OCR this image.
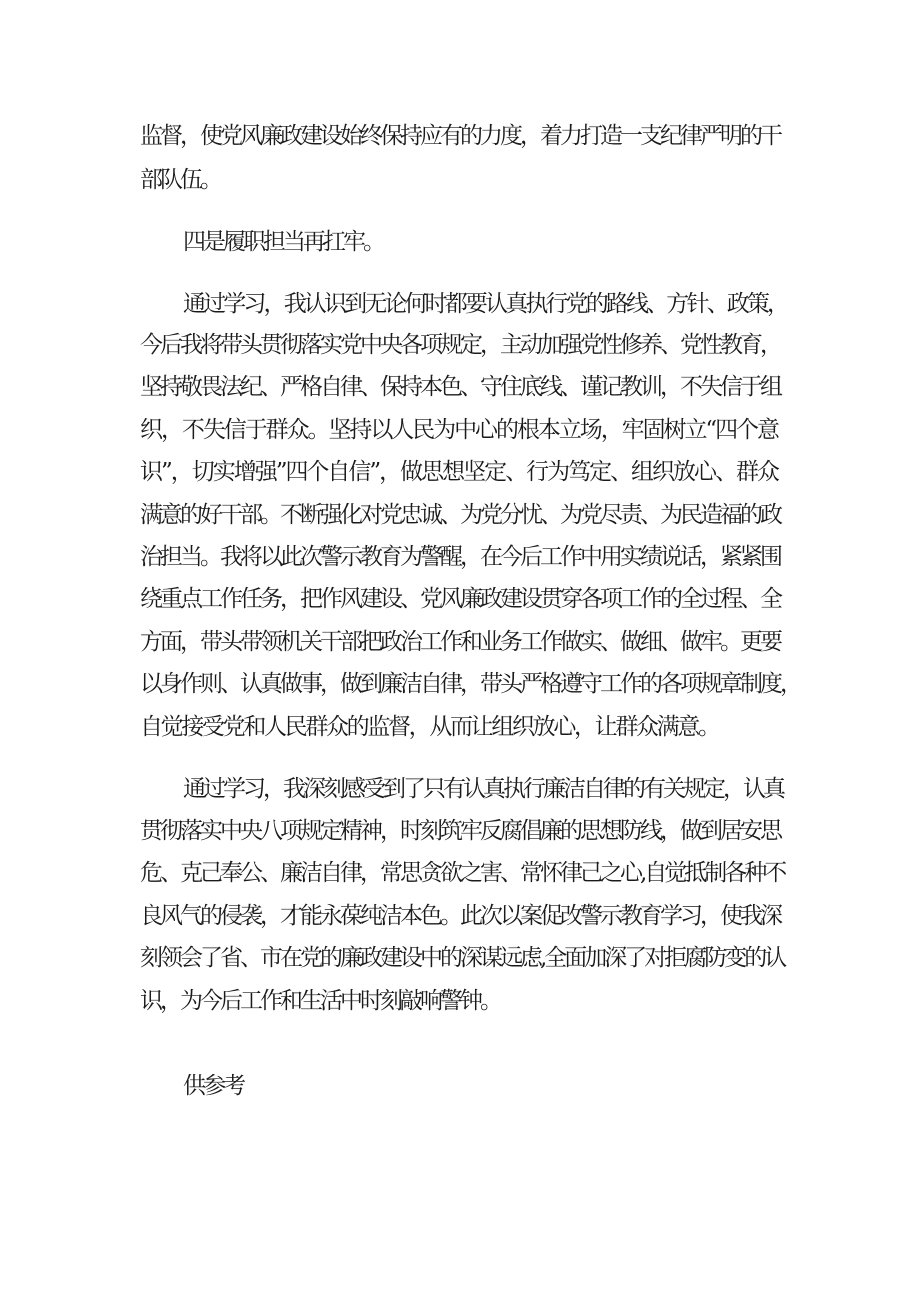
监督，使党风廉政建设始终保持应有的力度，着力打造一支纪律严明的干

部队伍。

四是履职担当再扛牢。

通过学习，我认识到无论何时都要认真执行党的路线、方针、政策，

今后我将带头贯彻落实党中央各项规定，主动加强党性修养、党性教育，

坚持敬畏法纪、严格自律、保持本色、守住底线、谨记教训，不失信于组

织，不失信于群众。坚持以人民为中心的根本立场，牢固树立“四个意

识”，切实增强”四个自信”，做思想坚定、行为笃定、组织放心、群众

满意的好干部。不断强化对党忠诚、为党分忧、为党尽责、为民造福的政

治担当。我将以此次警示教育为警醒，在今后工作中用实绩说话，紧紧围

绕重点工作任务，把作风建设、党风廉政建设贯穿各项工作的全过程、全

方面，带头带领机关干部把政治工作和业务工作做实、做细、做牢。更要

以身作则、认真做事，做到廉洁自律，带头严格遵守工作的各项规章制度，

自觉接受党和人民群众的监督，从而让组织放心，让群众满意。

通过学习，我深刻感受到了只有认真执行廉洁自律的有关规定，认真

贯彻落实中央八项规定精神，时刻筑牢反腐倡廉的思想防线，做到居安思

危、克己奉公、廉洁自律，常思贪欲之害、常怀律己之心,自觉抵制各种不

良风气的侵袭，才能永葆纯洁本色。此次以案促改警示教育学习，使我深

刻领会了省、市在党的廉政建设中的深谋远虑,全面加深了对拒腐防变的认

识，为今后工作和生活中时刻敲响警钟。

供参考
